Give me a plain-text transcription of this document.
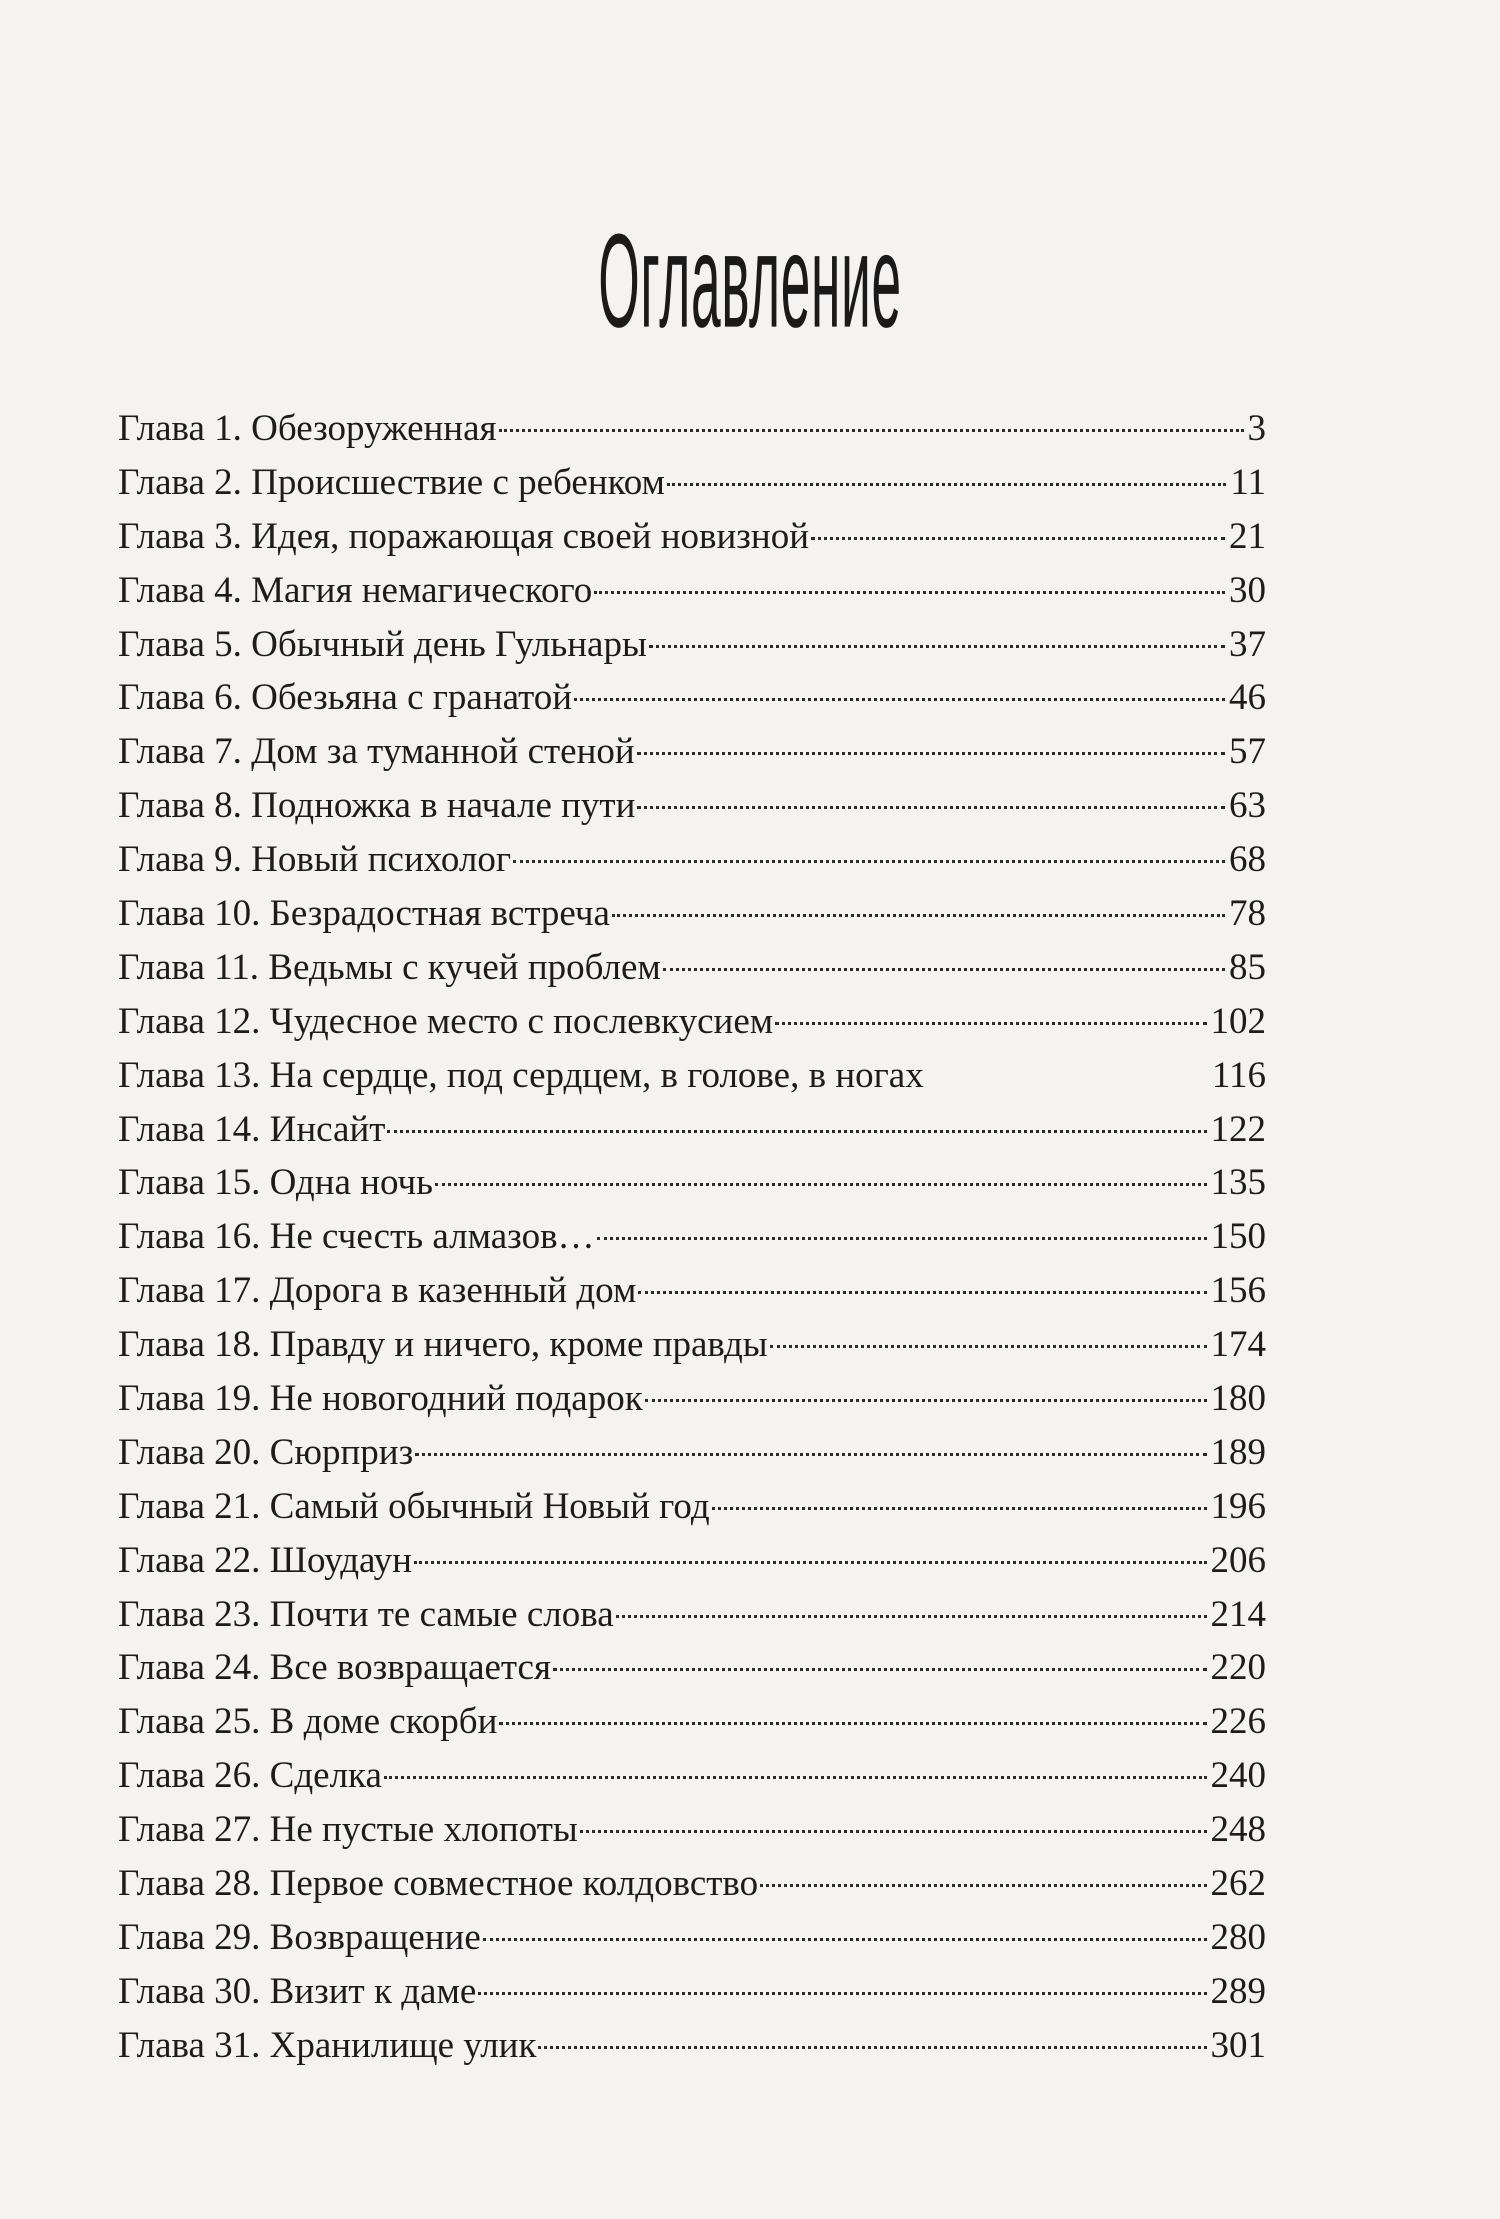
Оглавление
Глава 1. Обезоруженная	3
Глава 2. Происшествие с ребенком	11
Глава 3. Идея, поражающая своей новизной	21
Глава 4. Магия немагического	30
Глава 5. Обычный день Гульнары	37
Глава 6. Обезьяна с гранатой	46
Глава 7. Дом за туманной стеной	57
Глава 8. Подножка в начале пути	63
Глава 9. Новый психолог	68
Глава 10. Безрадостная встреча	78
Глава 11. Ведьмы с кучей проблем	85
Глава 12. Чудесное место с послевкусием	102
Глава 13. На сердце, под сердцем, в голове, в ногах	116
Глава 14. Инсайт	122
Глава 15. Одна ночь	135
Глава 16. Не счесть алмазов…	150
Глава 17. Дорога в казенный дом	156
Глава 18. Правду и ничего, кроме правды	174
Глава 19. Не новогодний подарок	180
Глава 20. Сюрприз	189
Глава 21. Самый обычный Новый год	196
Глава 22. Шоудаун	206
Глава 23. Почти те самые слова	214
Глава 24. Все возвращается	220
Глава 25. В доме скорби	226
Глава 26. Сделка	240
Глава 27. Не пустые хлопоты	248
Глава 28. Первое совместное колдовство	262
Глава 29. Возвращение	280
Глава 30. Визит к даме	289
Глава 31. Хранилище улик	301
